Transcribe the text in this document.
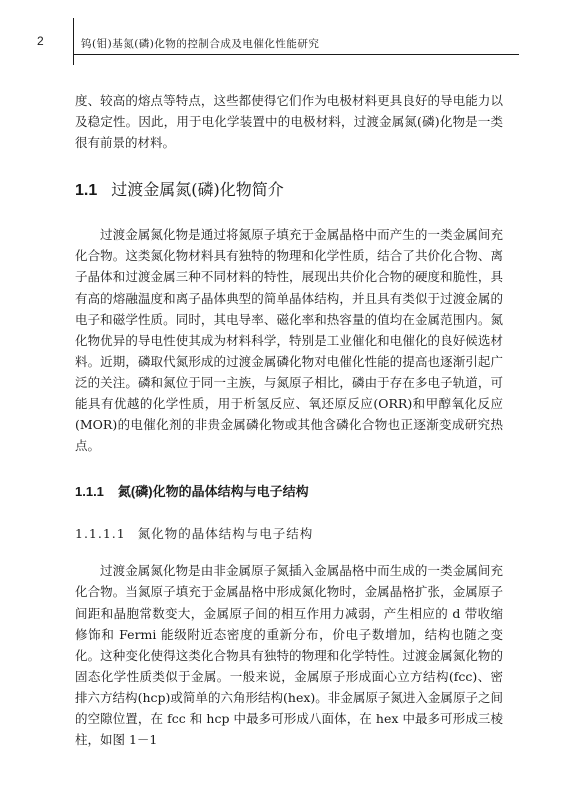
2	钨(钼)基氮(磷)化物的控制合成及电催化性能研究

度、较高的熔点等特点，这些都使得它们作为电极材料更具良好的导电能力以及稳定性。因此，用于电化学装置中的电极材料，过渡金属氮(磷)化物是一类很有前景的材料。

1.1 过渡金属氮(磷)化物简介

过渡金属氮化物是通过将氮原子填充于金属晶格中而产生的一类金属间充化合物。这类氮化物材料具有独特的物理和化学性质，结合了共价化合物、离子晶体和过渡金属三种不同材料的特性，展现出共价化合物的硬度和脆性，具有高的熔融温度和离子晶体典型的简单晶体结构，并且具有类似于过渡金属的电子和磁学性质。同时，其电导率、磁化率和热容量的值均在金属范围内。氮化物优异的导电性使其成为材料科学，特别是工业催化和电催化的良好候选材料。近期，磷取代氮形成的过渡金属磷化物对电催化性能的提高也逐渐引起广泛的关注。磷和氮位于同一主族，与氮原子相比，磷由于存在多电子轨道，可能具有优越的化学性质，用于析氢反应、氧还原反应(ORR)和甲醇氧化反应(MOR)的电催化剂的非贵金属磷化物或其他含磷化合物也正逐渐变成研究热点。

1.1.1 氮(磷)化物的晶体结构与电子结构
1.1.1.1 氮化物的晶体结构与电子结构

过渡金属氮化物是由非金属原子氮插入金属晶格中而生成的一类金属间充化合物。当氮原子填充于金属晶格中形成氮化物时，金属晶格扩张，金属原子间距和晶胞常数变大，金属原子间的相互作用力减弱，产生相应的 d 带收缩修饰和 Fermi 能级附近态密度的重新分布，价电子数增加，结构也随之变化。这种变化使得这类化合物具有独特的物理和化学特性。过渡金属氮化物的固态化学性质类似于金属。一般来说，金属原子形成面心立方结构(fcc)、密排六方结构(hcp)或简单的六角形结构(hex)。非金属原子氮进入金属原子之间的空隙位置，在 fcc 和 hcp 中最多可形成八面体，在 hex 中最多可形成三棱柱，如图 1－1
